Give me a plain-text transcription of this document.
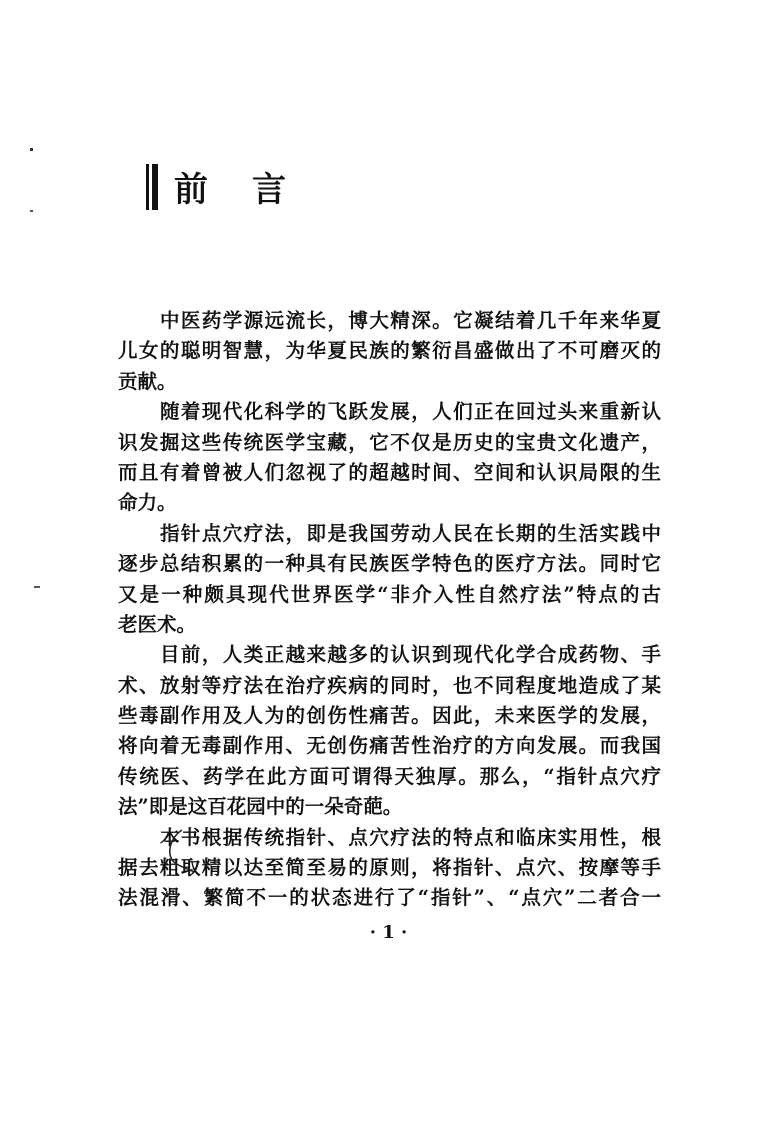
前言
中医药学源远流长，博大精深。它凝结着几千年来华夏
儿女的聪明智慧，为华夏民族的繁衍昌盛做出了不可磨灭的
贡献。
随着现代化科学的飞跃发展，人们正在回过头来重新认
识发掘这些传统医学宝藏，它不仅是历史的宝贵文化遗产，
而且有着曾被人们忽视了的超越时间、空间和认识局限的生
命力。
指针点穴疗法，即是我国劳动人民在长期的生活实践中
逐步总结积累的一种具有民族医学特色的医疗方法。同时它
又是一种颇具现代世界医学“非介入性自然疗法”特点的古
老医术。
目前，人类正越来越多的认识到现代化学合成药物、手
术、放射等疗法在治疗疾病的同时，也不同程度地造成了某
些毒副作用及人为的创伤性痛苦。因此，未来医学的发展，
将向着无毒副作用、无创伤痛苦性治疗的方向发展。而我国
传统医、药学在此方面可谓得天独厚。那么，“指针点穴疗
法”即是这百花园中的一朵奇葩。
本书根据传统指针、点穴疗法的特点和临床实用性，根
据去粗取精以达至简至易的原则，将指针、点穴、按摩等手
法混滑、繁简不一的状态进行了“指针”、“点穴”二者合一
· 1 ·
